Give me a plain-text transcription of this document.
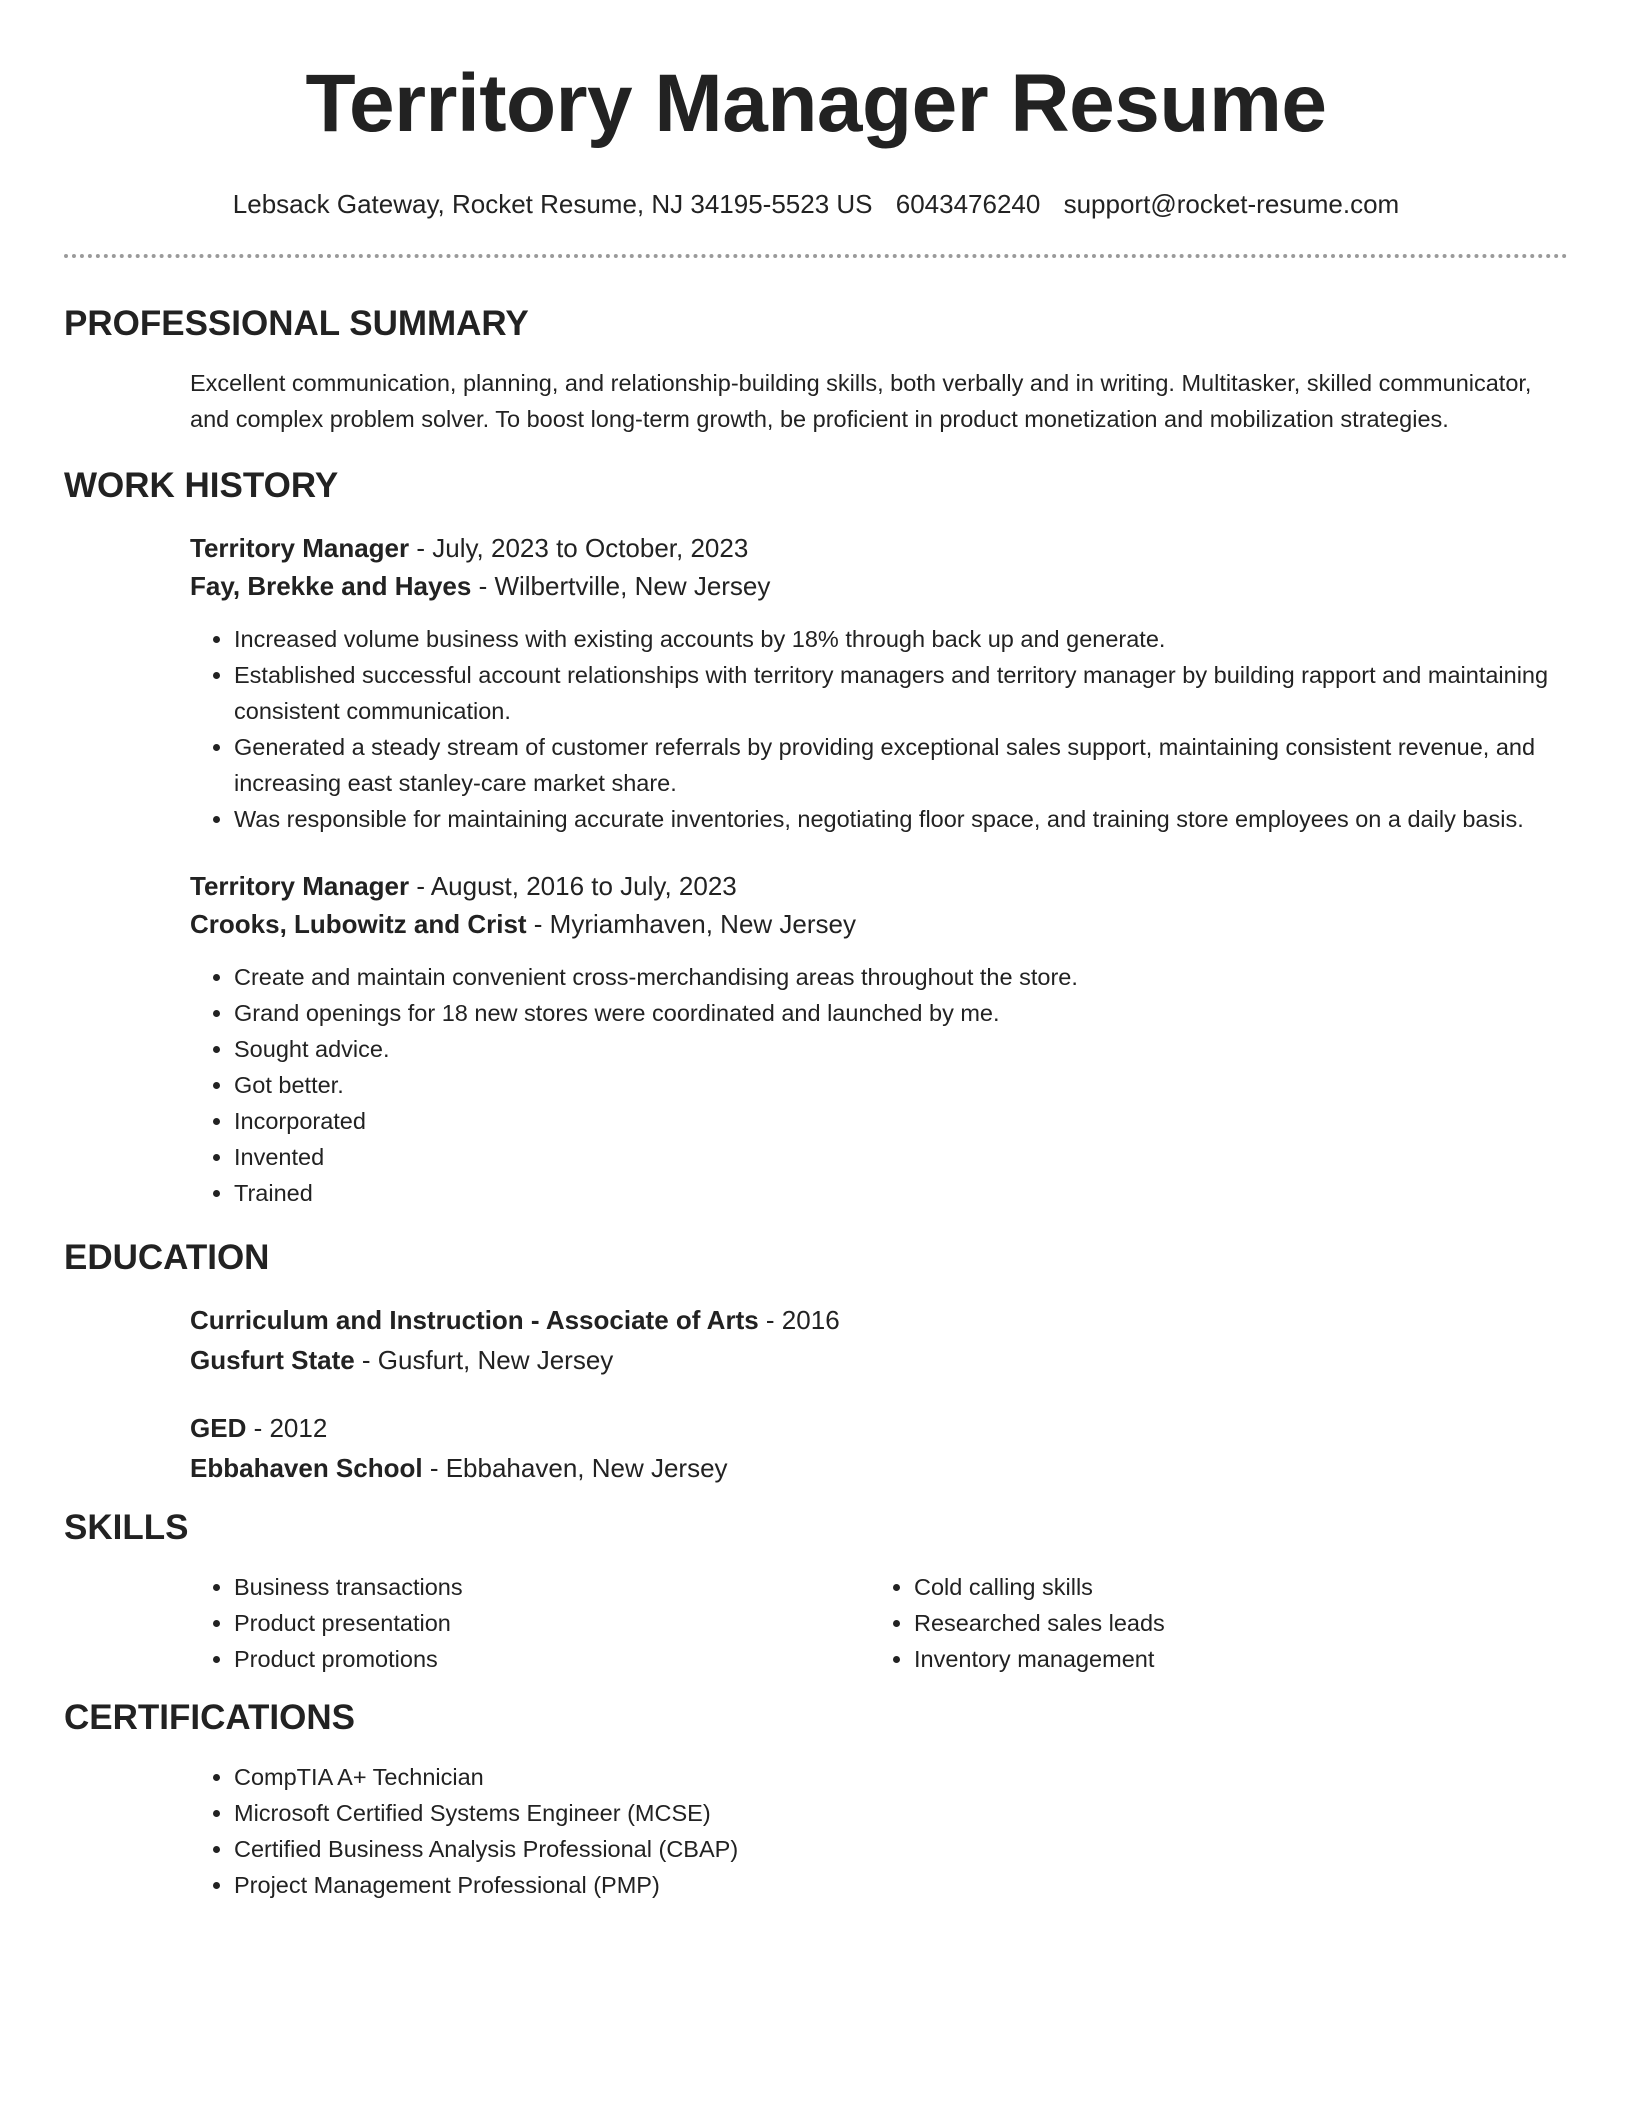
Territory Manager Resume
Lebsack Gateway, Rocket Resume, NJ 34195-5523 US 6043476240 support@rocket-resume.com
PROFESSIONAL SUMMARY

Excellent communication, planning, and relationship-building skills, both verbally and in writing. Multitasker, skilled communicator, and complex problem solver. To boost long-term growth, be proficient in product monetization and mobilization strategies.

WORK HISTORY
Territory Manager - July, 2023 to October, 2023
Fay, Brekke and Hayes - Wilbertville, New Jersey
• Increased volume business with existing accounts by 18% through back up and generate.
• Established successful account relationships with territory managers and territory manager by building rapport and maintaining consistent communication.
• Generated a steady stream of customer referrals by providing exceptional sales support, maintaining consistent revenue, and increasing east stanley-care market share.
• Was responsible for maintaining accurate inventories, negotiating floor space, and training store employees on a daily basis.
Territory Manager - August, 2016 to July, 2023
Crooks, Lubowitz and Crist - Myriamhaven, New Jersey
• Create and maintain convenient cross-merchandising areas throughout the store.
• Grand openings for 18 new stores were coordinated and launched by me.
• Sought advice.
• Got better.
• Incorporated
• Invented
• Trained
EDUCATION
Curriculum and Instruction - Associate of Arts - 2016
Gusfurt State - Gusfurt, New Jersey
GED - 2012
Ebbahaven School - Ebbahaven, New Jersey
SKILLS
• Business transactions
• Product presentation
• Product promotions
• Cold calling skills
• Researched sales leads
• Inventory management
CERTIFICATIONS
• CompTIA A+ Technician
• Microsoft Certified Systems Engineer (MCSE)
• Certified Business Analysis Professional (CBAP)
• Project Management Professional (PMP)
